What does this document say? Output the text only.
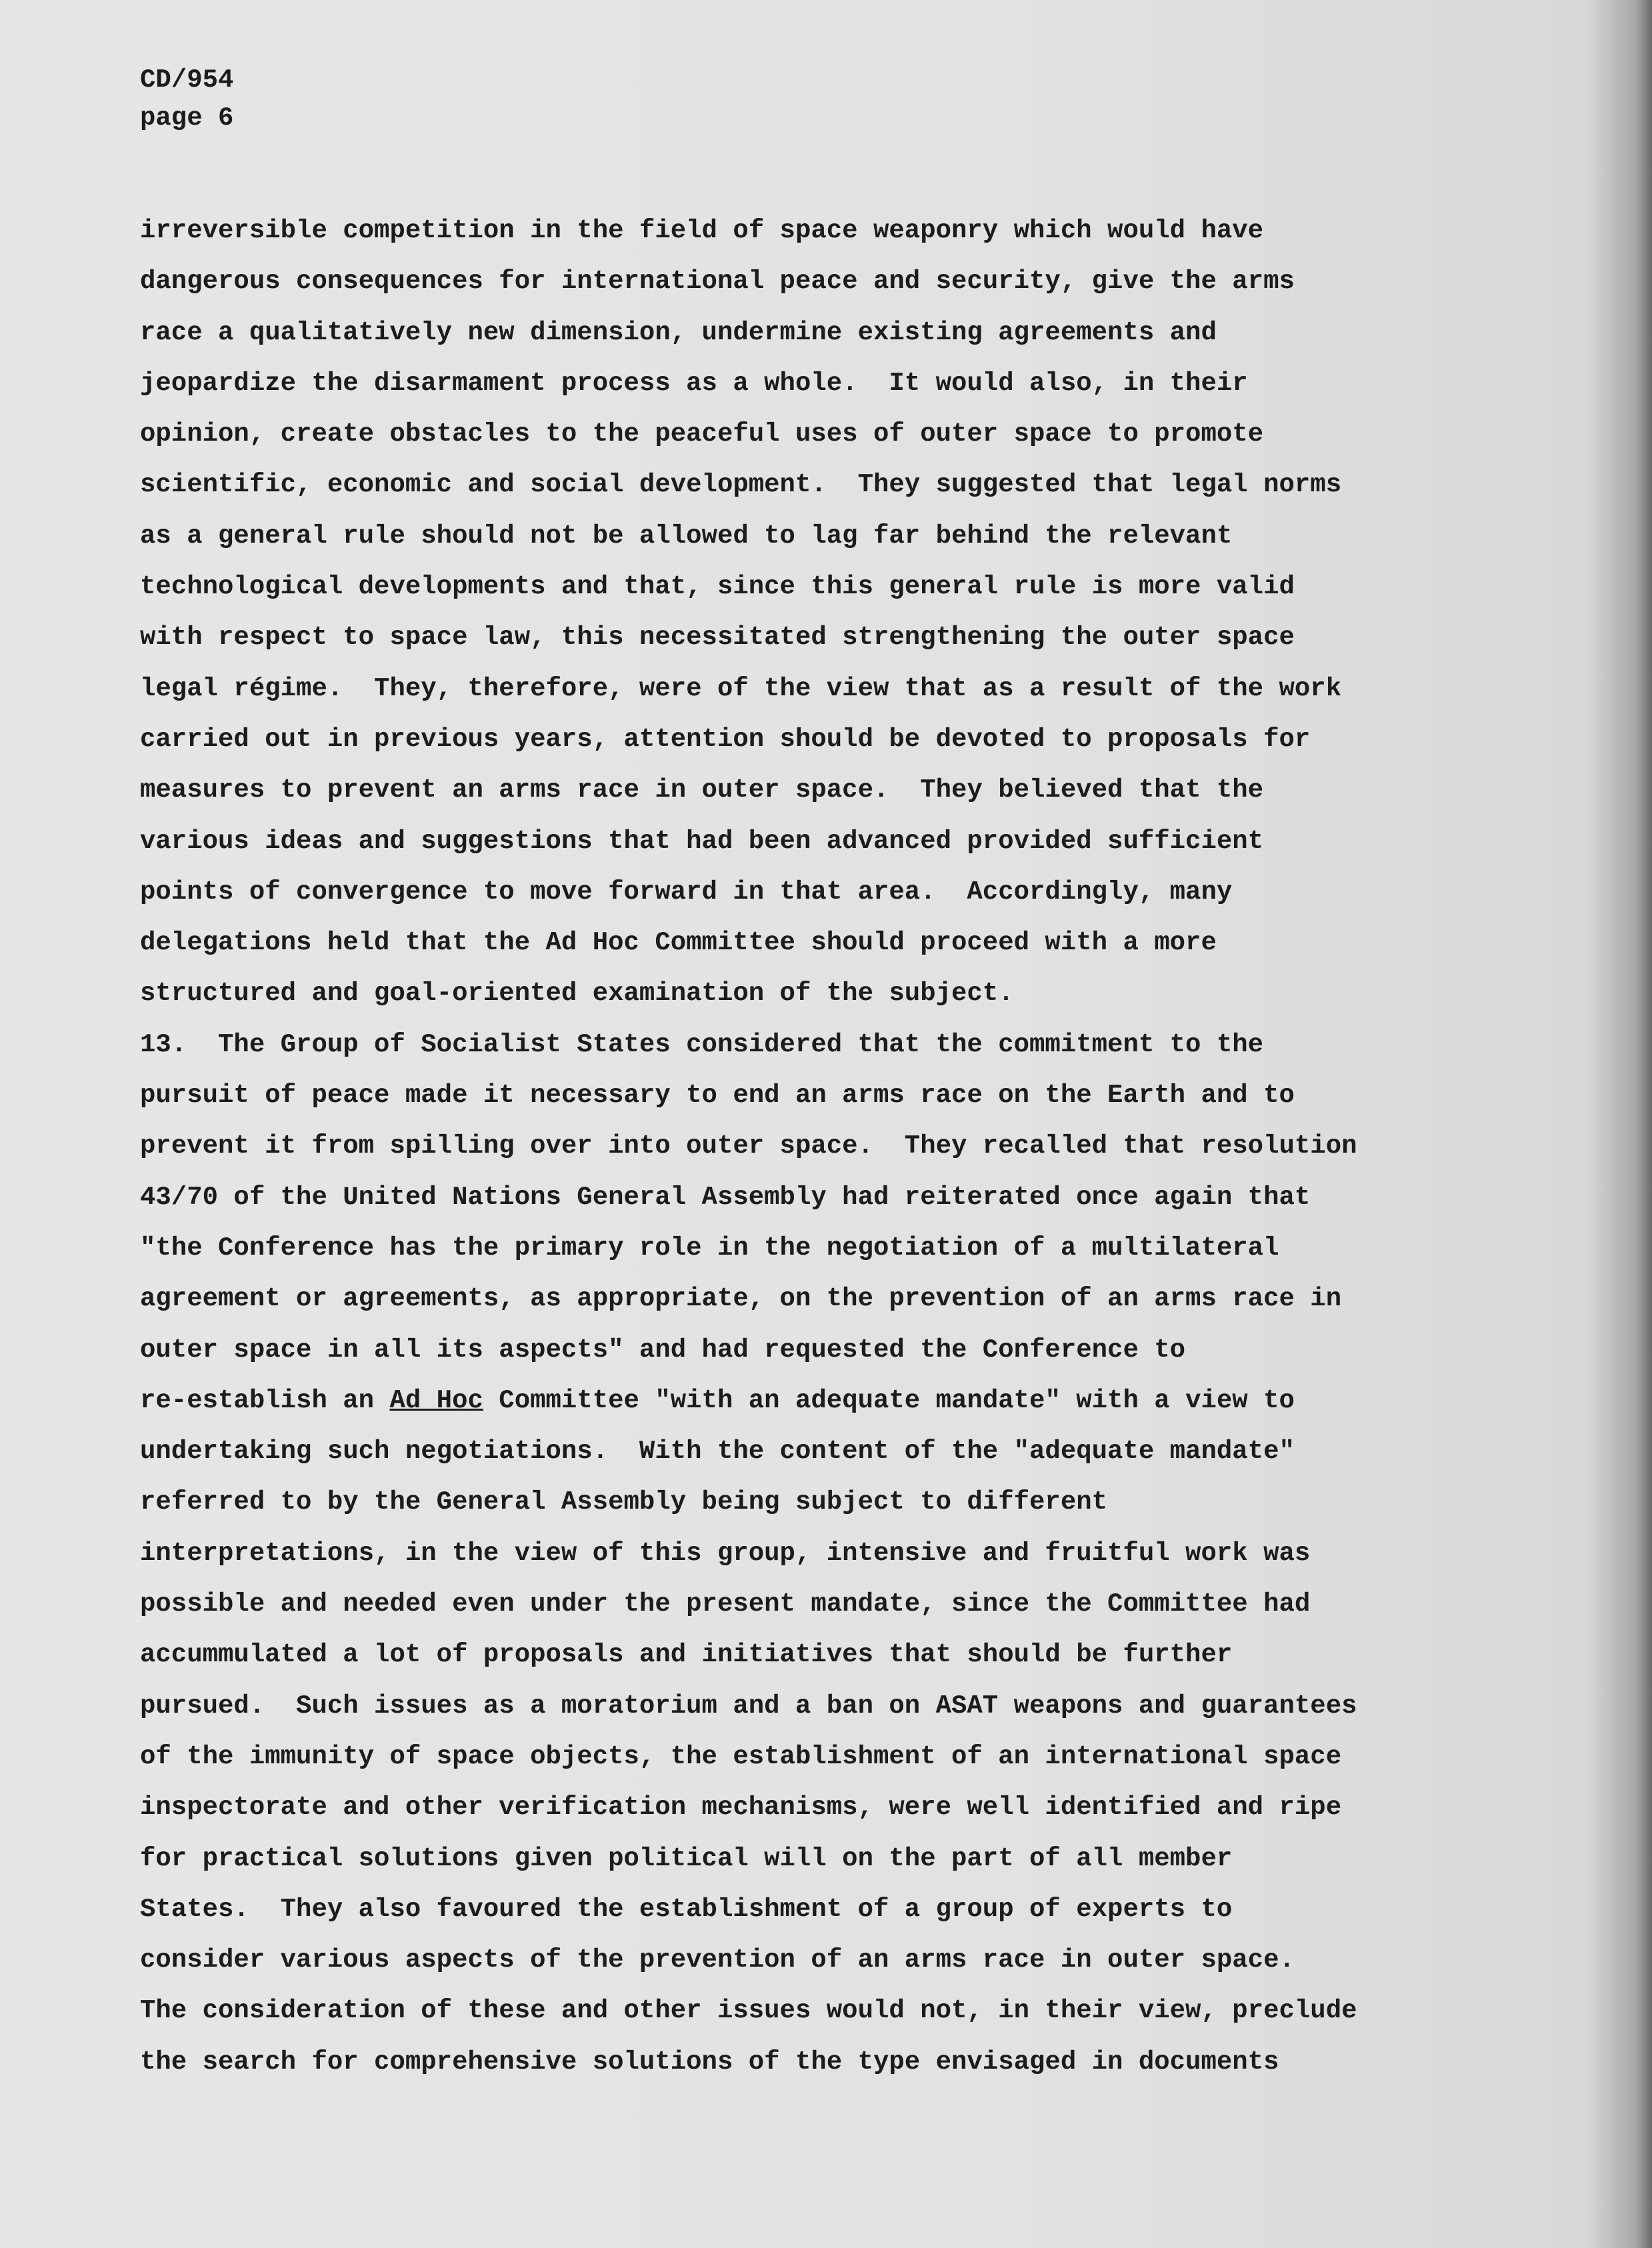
CD/954
page 6
irreversible competition in the field of space weaponry which would have
dangerous consequences for international peace and security, give the arms
race a qualitatively new dimension, undermine existing agreements and
jeopardize the disarmament process as a whole.  It would also, in their
opinion, create obstacles to the peaceful uses of outer space to promote
scientific, economic and social development.  They suggested that legal norms
as a general rule should not be allowed to lag far behind the relevant
technological developments and that, since this general rule is more valid
with respect to space law, this necessitated strengthening the outer space
legal régime.  They, therefore, were of the view that as a result of the work
carried out in previous years, attention should be devoted to proposals for
measures to prevent an arms race in outer space.  They believed that the
various ideas and suggestions that had been advanced provided sufficient
points of convergence to move forward in that area.  Accordingly, many
delegations held that the Ad Hoc Committee should proceed with a more
structured and goal-oriented examination of the subject.
13.  The Group of Socialist States considered that the commitment to the
pursuit of peace made it necessary to end an arms race on the Earth and to
prevent it from spilling over into outer space.  They recalled that resolution
43/70 of the United Nations General Assembly had reiterated once again that
"the Conference has the primary role in the negotiation of a multilateral
agreement or agreements, as appropriate, on the prevention of an arms race in
outer space in all its aspects" and had requested the Conference to
re-establish an Ad Hoc Committee "with an adequate mandate" with a view to
undertaking such negotiations.  With the content of the "adequate mandate"
referred to by the General Assembly being subject to different
interpretations, in the view of this group, intensive and fruitful work was
possible and needed even under the present mandate, since the Committee had
accummulated a lot of proposals and initiatives that should be further
pursued.  Such issues as a moratorium and a ban on ASAT weapons and guarantees
of the immunity of space objects, the establishment of an international space
inspectorate and other verification mechanisms, were well identified and ripe
for practical solutions given political will on the part of all member
States.  They also favoured the establishment of a group of experts to
consider various aspects of the prevention of an arms race in outer space.
The consideration of these and other issues would not, in their view, preclude
the search for comprehensive solutions of the type envisaged in documents
